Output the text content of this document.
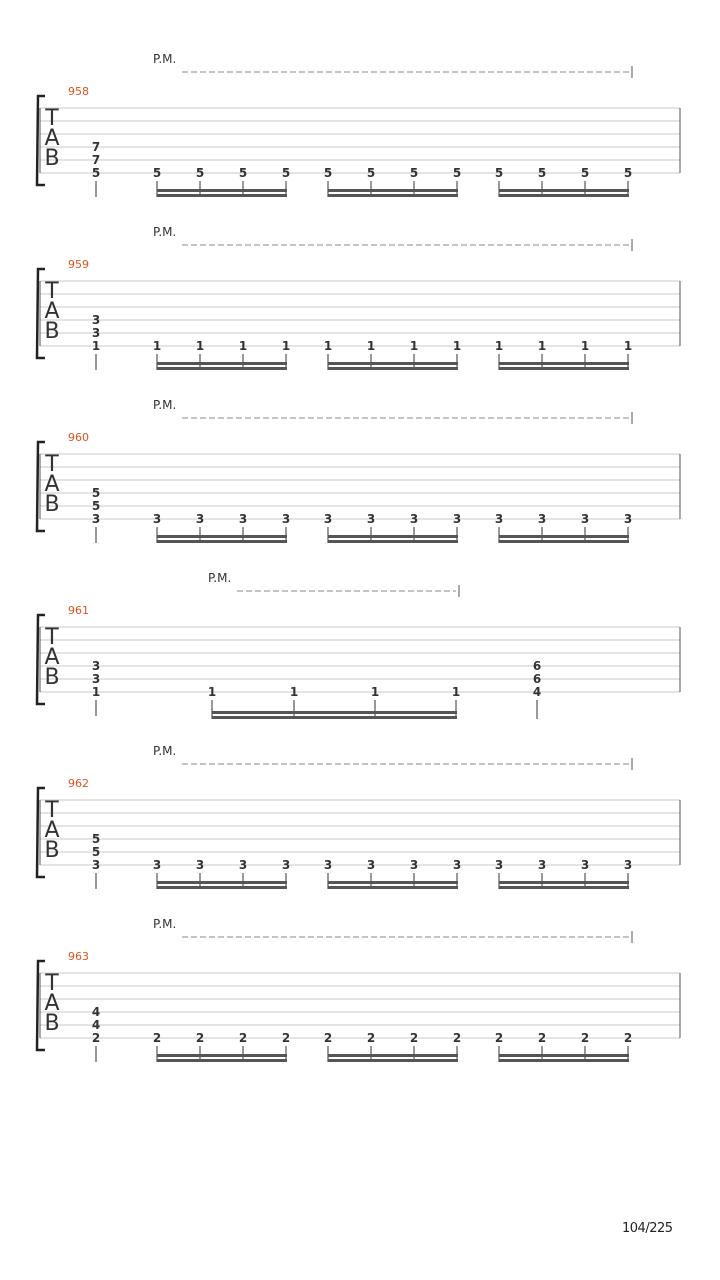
P.M.
958
T
A
B	7
7
5	5	5	5	5	5	5	5	5	5	5	5	5
P.M.
959
T
A
B	3
3
1	1	1	1	1	1	1	1	1	1	1	1	1
P.M.
960
T
A
B	5
5
3	3	3	3	3	3	3	3	3	3	3	3	3
P.M.
961
T
A
B	3
3
1	1	1	1	1
6
6
4
P.M.
962
T
A
B	5
5
3	3	3	3	3	3	3	3	3	3	3	3	3
P.M.
963
T
A
B	4
4
2	2	2	2	2	2	2	2	2	2	2	2	2
104/225
